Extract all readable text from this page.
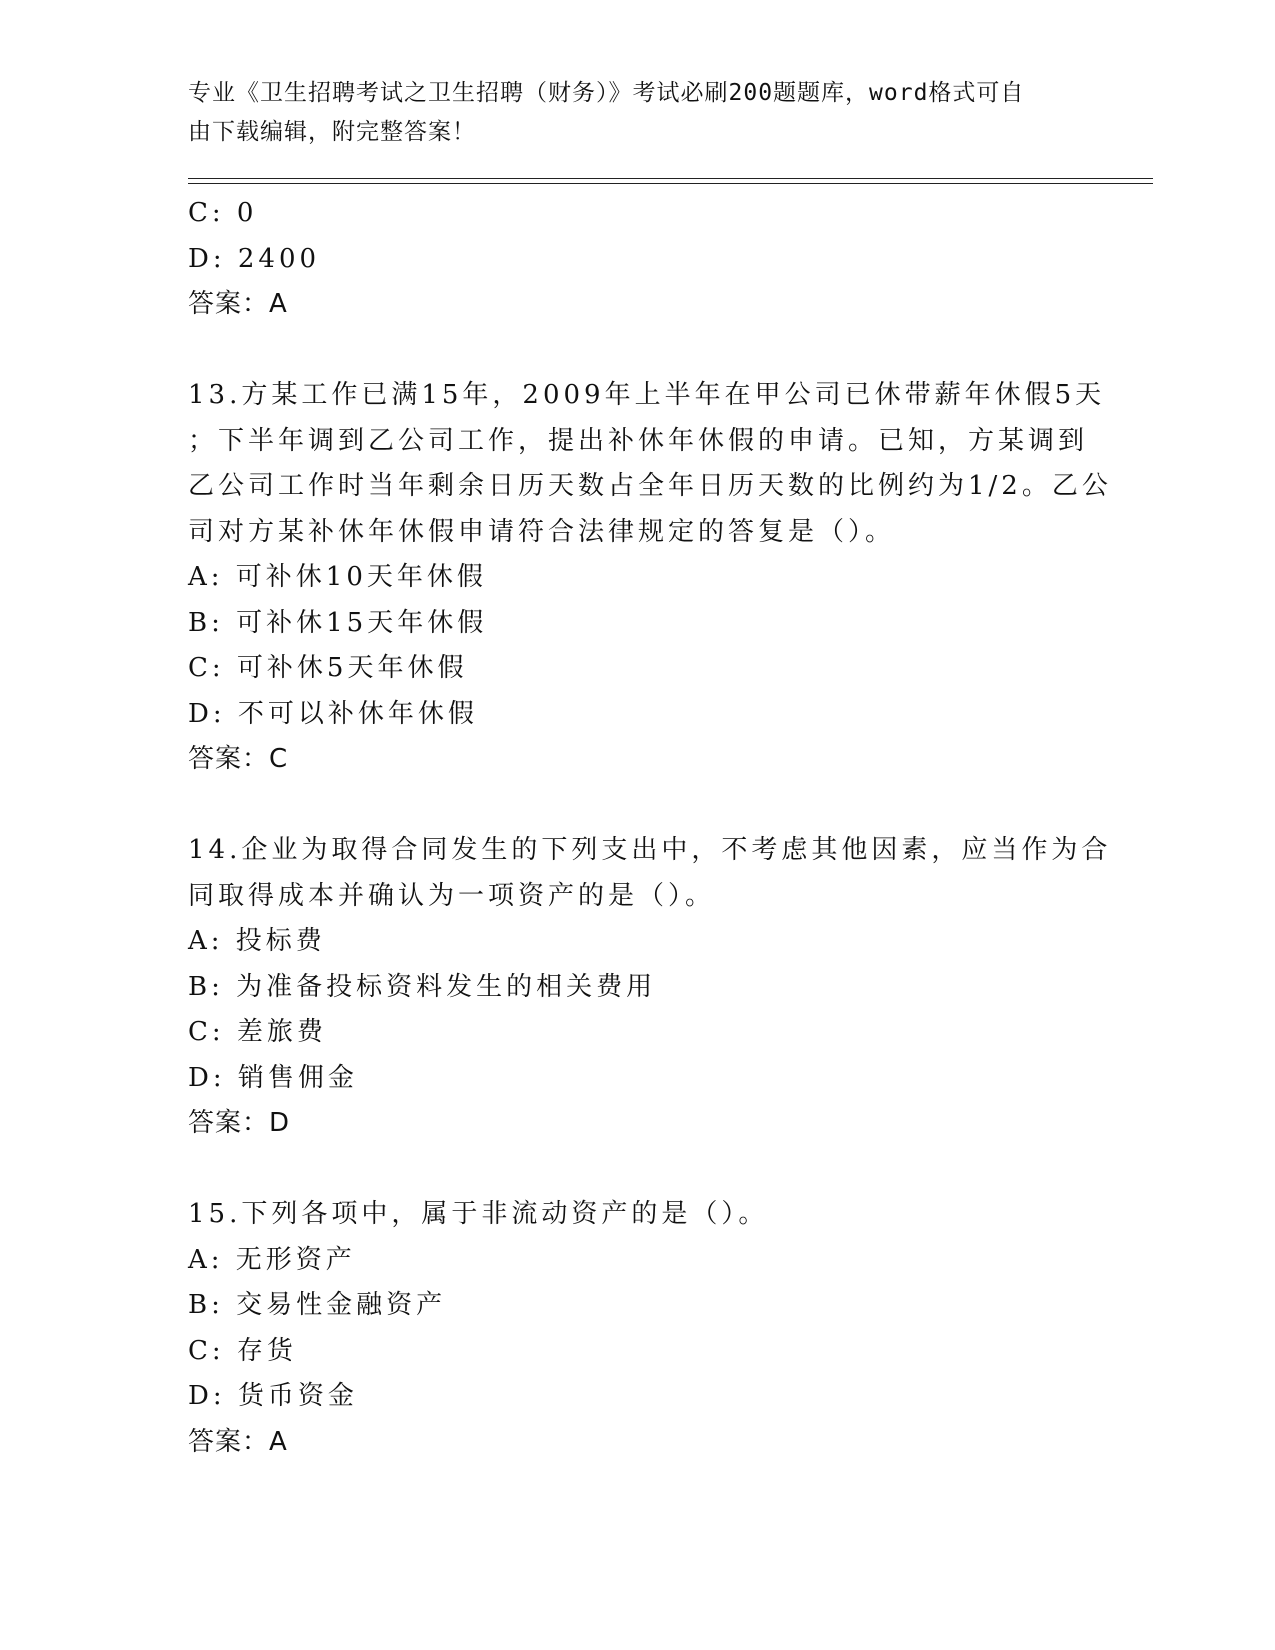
专业《卫生招聘考试之卫生招聘（财务）》考试必刷200题题库，word格式可自
由下载编辑，附完整答案！
C: 0
D: 2400
答案：A
13.方某工作已满15年，2009年上半年在甲公司已休带薪年休假5天
；下半年调到乙公司工作，提出补休年休假的申请。已知，方某调到
乙公司工作时当年剩余日历天数占全年日历天数的比例约为1/2。乙公
司对方某补休年休假申请符合法律规定的答复是（）。
A: 可补休10天年休假
B: 可补休15天年休假
C: 可补休5天年休假
D: 不可以补休年休假
答案：C
14.企业为取得合同发生的下列支出中，不考虑其他因素，应当作为合
同取得成本并确认为一项资产的是（）。
A: 投标费
B: 为准备投标资料发生的相关费用
C: 差旅费
D: 销售佣金
答案：D
15.下列各项中，属于非流动资产的是（）。
A: 无形资产
B: 交易性金融资产
C: 存货
D: 货币资金
答案：A
